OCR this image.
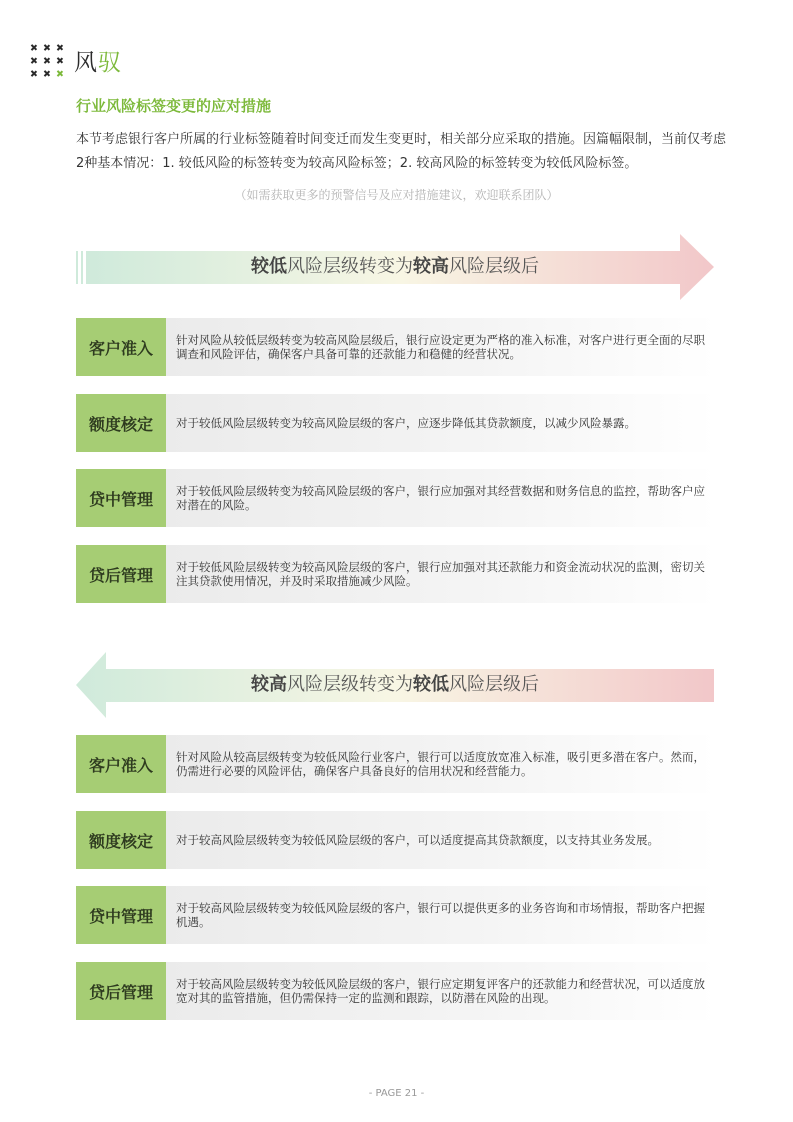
风驭
行业风险标签变更的应对措施
本节考虑银行客户所属的行业标签随着时间变迁而发生变更时，相关部分应采取的措施。因篇幅限制，当前仅考虑2种基本情况：1. 较低风险的标签转变为较高风险标签；2. 较高风险的标签转变为较低风险标签。
（如需获取更多的预警信号及应对措施建议，欢迎联系团队）
较低风险层级转变为较高风险层级后
客户准入	针对风险从较低层级转变为较高风险层级后，银行应设定更为严格的准入标准，对客户进行更全面的尽职调查和风险评估，确保客户具备可靠的还款能力和稳健的经营状况。
额度核定	对于较低风险层级转变为较高风险层级的客户，应逐步降低其贷款额度，以减少风险暴露。
贷中管理	对于较低风险层级转变为较高风险层级的客户，银行应加强对其经营数据和财务信息的监控，帮助客户应对潜在的风险。
贷后管理	对于较低风险层级转变为较高风险层级的客户，银行应加强对其还款能力和资金流动状况的监测，密切关注其贷款使用情况，并及时采取措施减少风险。
较高风险层级转变为较低风险层级后
客户准入	针对风险从较高层级转变为较低风险行业客户，银行可以适度放宽准入标准，吸引更多潜在客户。然而，仍需进行必要的风险评估，确保客户具备良好的信用状况和经营能力。
额度核定	对于较高风险层级转变为较低风险层级的客户，可以适度提高其贷款额度，以支持其业务发展。
贷中管理	对于较高风险层级转变为较低风险层级的客户，银行可以提供更多的业务咨询和市场情报，帮助客户把握机遇。
贷后管理	对于较高风险层级转变为较低风险层级的客户，银行应定期复评客户的还款能力和经营状况，可以适度放宽对其的监管措施，但仍需保持一定的监测和跟踪，以防潜在风险的出现。
- PAGE 21 -
